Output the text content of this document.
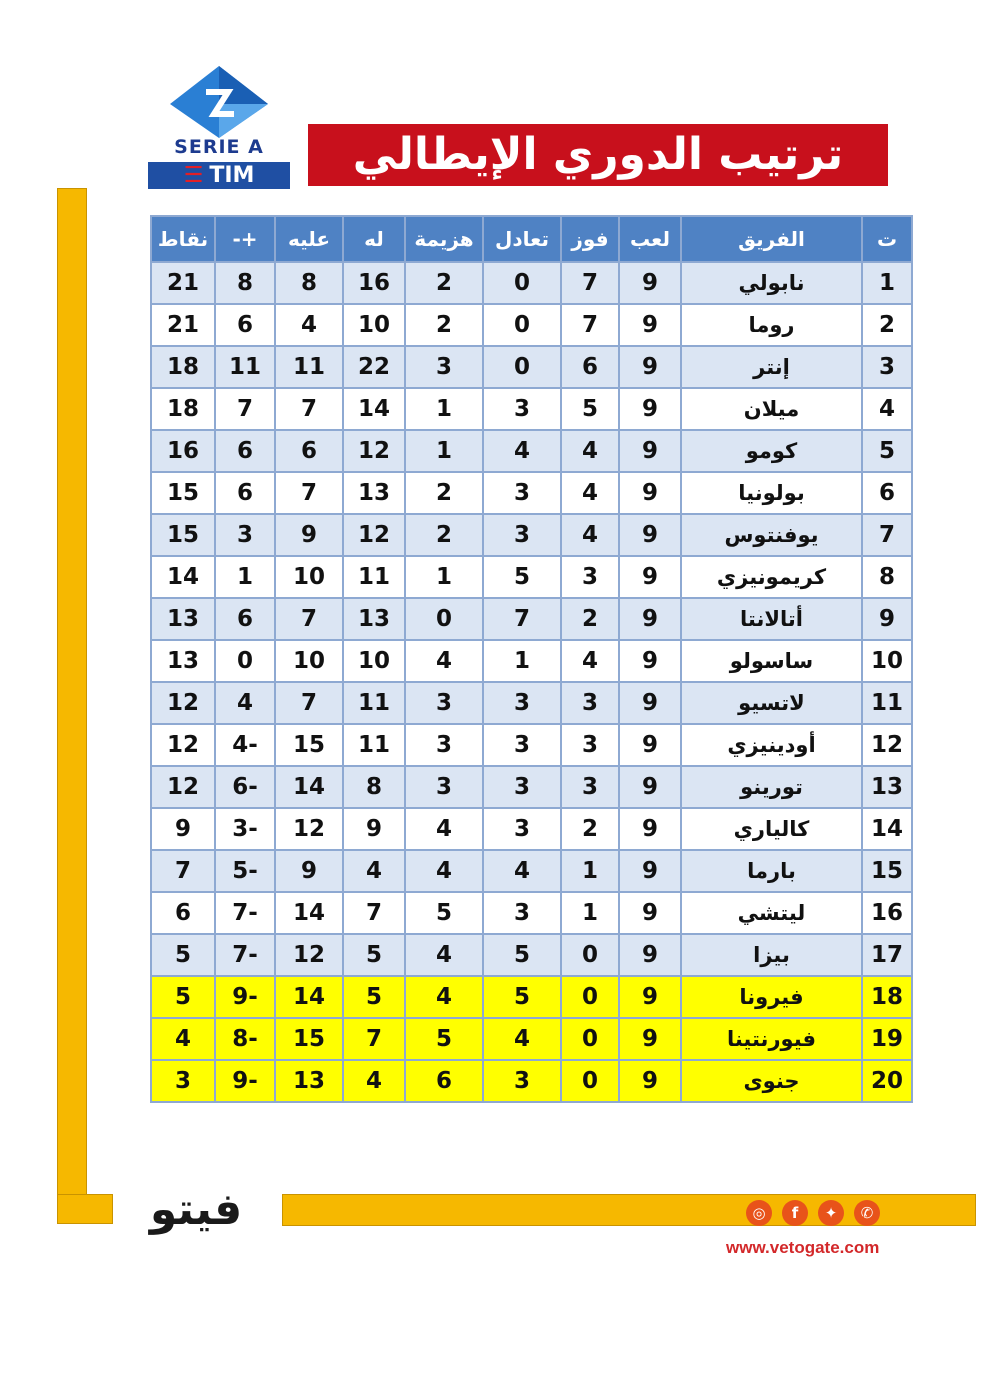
SERIE A
☰ TIM	ترتيب الدوري الإيطالي
ت	الفريق	لعب	فوز	تعادل	هزيمة	له	عليه	+-	نقاط
1	نابولي	9	7	0	2	16	8	8	21
2	روما	9	7	0	2	10	4	6	21
3	إنتر	9	6	0	3	22	11	11	18
4	ميلان	9	5	3	1	14	7	7	18
5	كومو	9	4	4	1	12	6	6	16
6	بولونيا	9	4	3	2	13	7	6	15
7	يوفنتوس	9	4	3	2	12	9	3	15
8	كريمونيزي	9	3	5	1	11	10	1	14
9	أتالانتا	9	2	7	0	13	7	6	13
10	ساسولو	9	4	1	4	10	10	0	13
11	لاتسيو	9	3	3	3	11	7	4	12
12	أودينيزي	9	3	3	3	11	15	-4	12
13	تورينو	9	3	3	3	8	14	-6	12
14	كالياري	9	2	3	4	9	12	-3	9
15	بارما	9	1	4	4	4	9	-5	7
16	ليتشي	9	1	3	5	7	14	-7	6
17	بيزا	9	0	5	4	5	12	-7	5
18	فيرونا	9	0	5	4	5	14	-9	5
19	فيورنتينا	9	0	4	5	7	15	-8	4
20	جنوى	9	0	3	6	4	13	-9	3
فيتو	◎	f	✦	✆
www.vetogate.com
